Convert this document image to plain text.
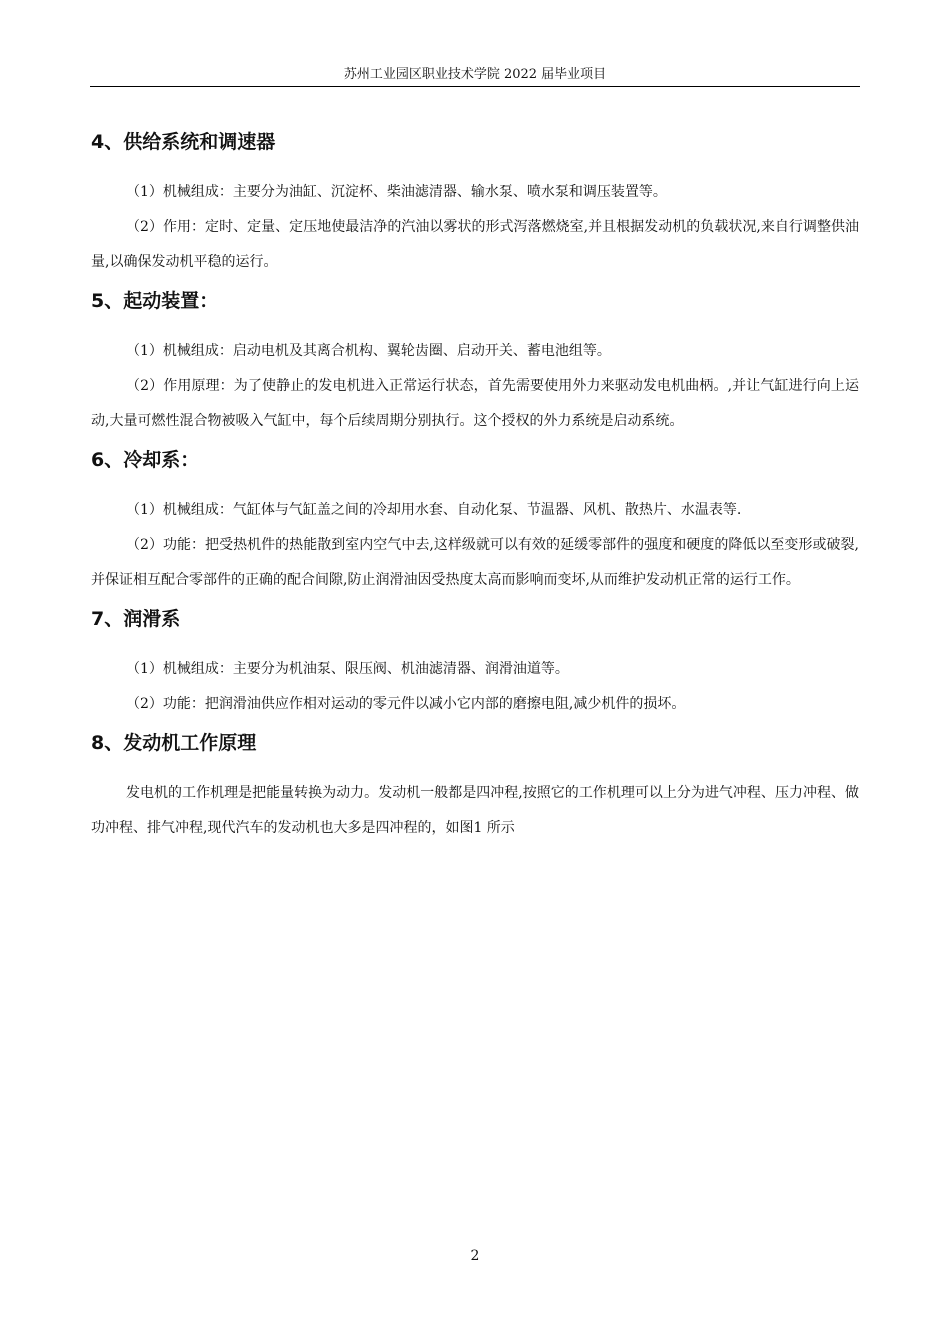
苏州工业园区职业技术学院 2022 届毕业项目
4、供给系统和调速器

（1）机械组成：主要分为油缸、沉淀杯、柴油滤清器、输水泵、喷水泵和调压装置等。

（2）作用：定时、定量、定压地使最洁净的汽油以雾状的形式泻落燃烧室,并且根据发动机的负载状况,来自行调整供油量,以确保发动机平稳的运行。

5、起动装置：

（1）机械组成：启动电机及其离合机构、翼轮齿圈、启动开关、蓄电池组等。

（2）作用原理：为了使静止的发电机进入正常运行状态，首先需要使用外力来驱动发电机曲柄。,并让气缸进行向上运动,大量可燃性混合物被吸入气缸中，每个后续周期分别执行。这个授权的外力系统是启动系统。

6、冷却系：

（1）机械组成：气缸体与气缸盖之间的冷却用水套、自动化泵、节温器、风机、散热片、水温表等.

（2）功能：把受热机件的热能散到室内空气中去,这样级就可以有效的延缓零部件的强度和硬度的降低以至变形或破裂,并保证相互配合零部件的正确的配合间隙,防止润滑油因受热度太高而影响而变坏,从而维护发动机正常的运行工作。

7、润滑系

（1）机械组成：主要分为机油泵、限压阀、机油滤清器、润滑油道等。

（2）功能：把润滑油供应作相对运动的零元件以减小它内部的磨擦电阻,减少机件的损坏。

8、发动机工作原理

发电机的工作机理是把能量转换为动力。发动机一般都是四冲程,按照它的工作机理可以上分为进气冲程、压力冲程、做功冲程、排气冲程,现代汽车的发动机也大多是四冲程的，如图1 所示

2
